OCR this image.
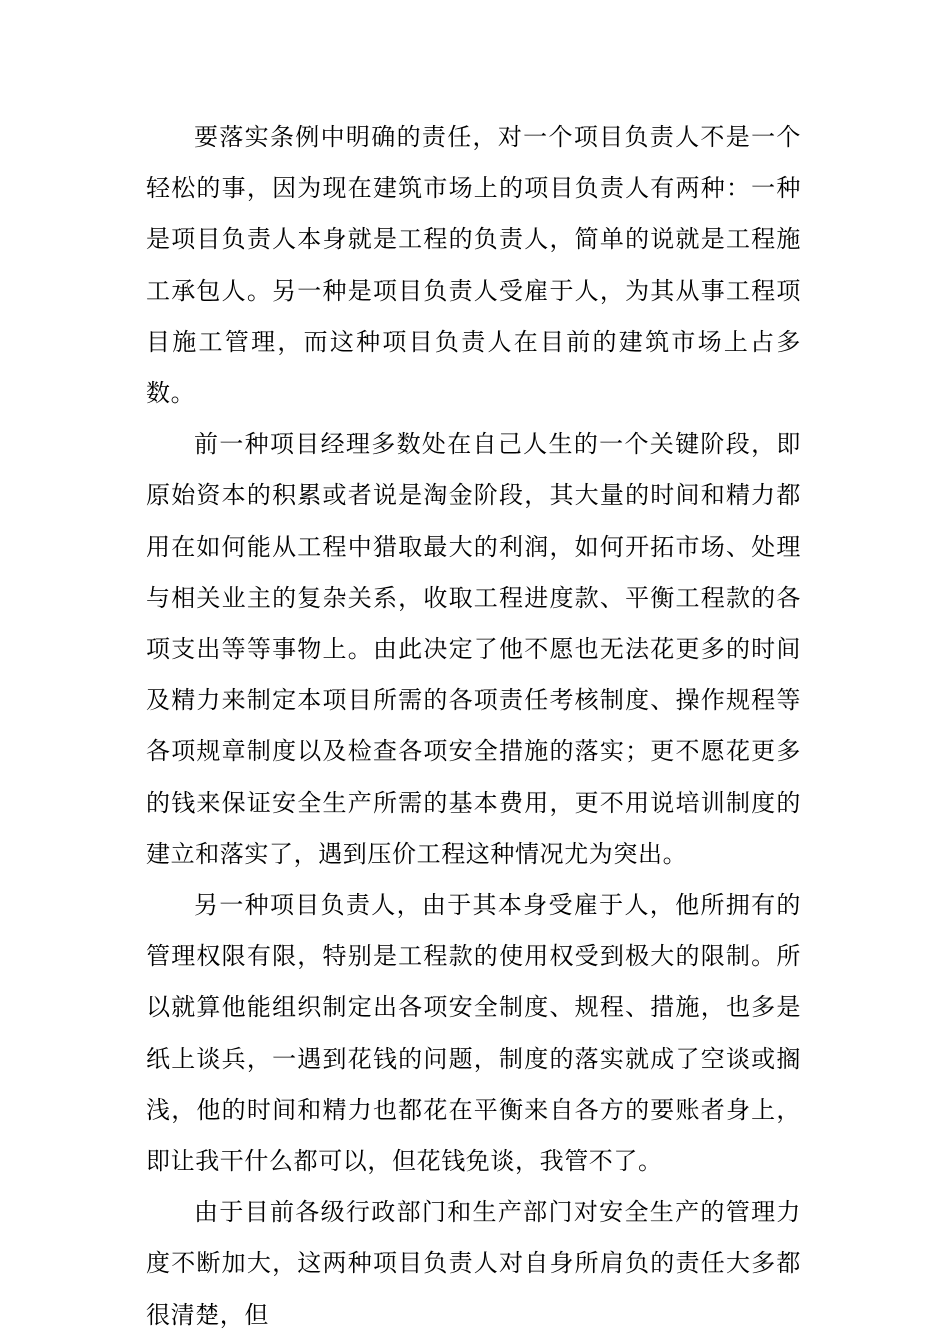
要落实条例中明确的责任，对一个项目负责人不是一个轻松的事，因为现在建筑市场上的项目负责人有两种：一种是项目负责人本身就是工程的负责人，简单的说就是工程施工承包人。另一种是项目负责人受雇于人，为其从事工程项目施工管理，而这种项目负责人在目前的建筑市场上占多数。

前一种项目经理多数处在自己人生的一个关键阶段，即原始资本的积累或者说是淘金阶段，其大量的时间和精力都用在如何能从工程中猎取最大的利润，如何开拓市场、处理与相关业主的复杂关系，收取工程进度款、平衡工程款的各项支出等等事物上。由此决定了他不愿也无法花更多的时间及精力来制定本项目所需的各项责任考核制度、操作规程等各项规章制度以及检查各项安全措施的落实；更不愿花更多的钱来保证安全生产所需的基本费用，更不用说培训制度的建立和落实了，遇到压价工程这种情况尤为突出。

另一种项目负责人，由于其本身受雇于人，他所拥有的管理权限有限，特别是工程款的使用权受到极大的限制。所以就算他能组织制定出各项安全制度、规程、措施，也多是纸上谈兵，一遇到花钱的问题，制度的落实就成了空谈或搁浅，他的时间和精力也都花在平衡来自各方的要账者身上，即让我干什么都可以，但花钱免谈，我管不了。

由于目前各级行政部门和生产部门对安全生产的管理力度不断加大，这两种项目负责人对自身所肩负的责任大多都很清楚，但
